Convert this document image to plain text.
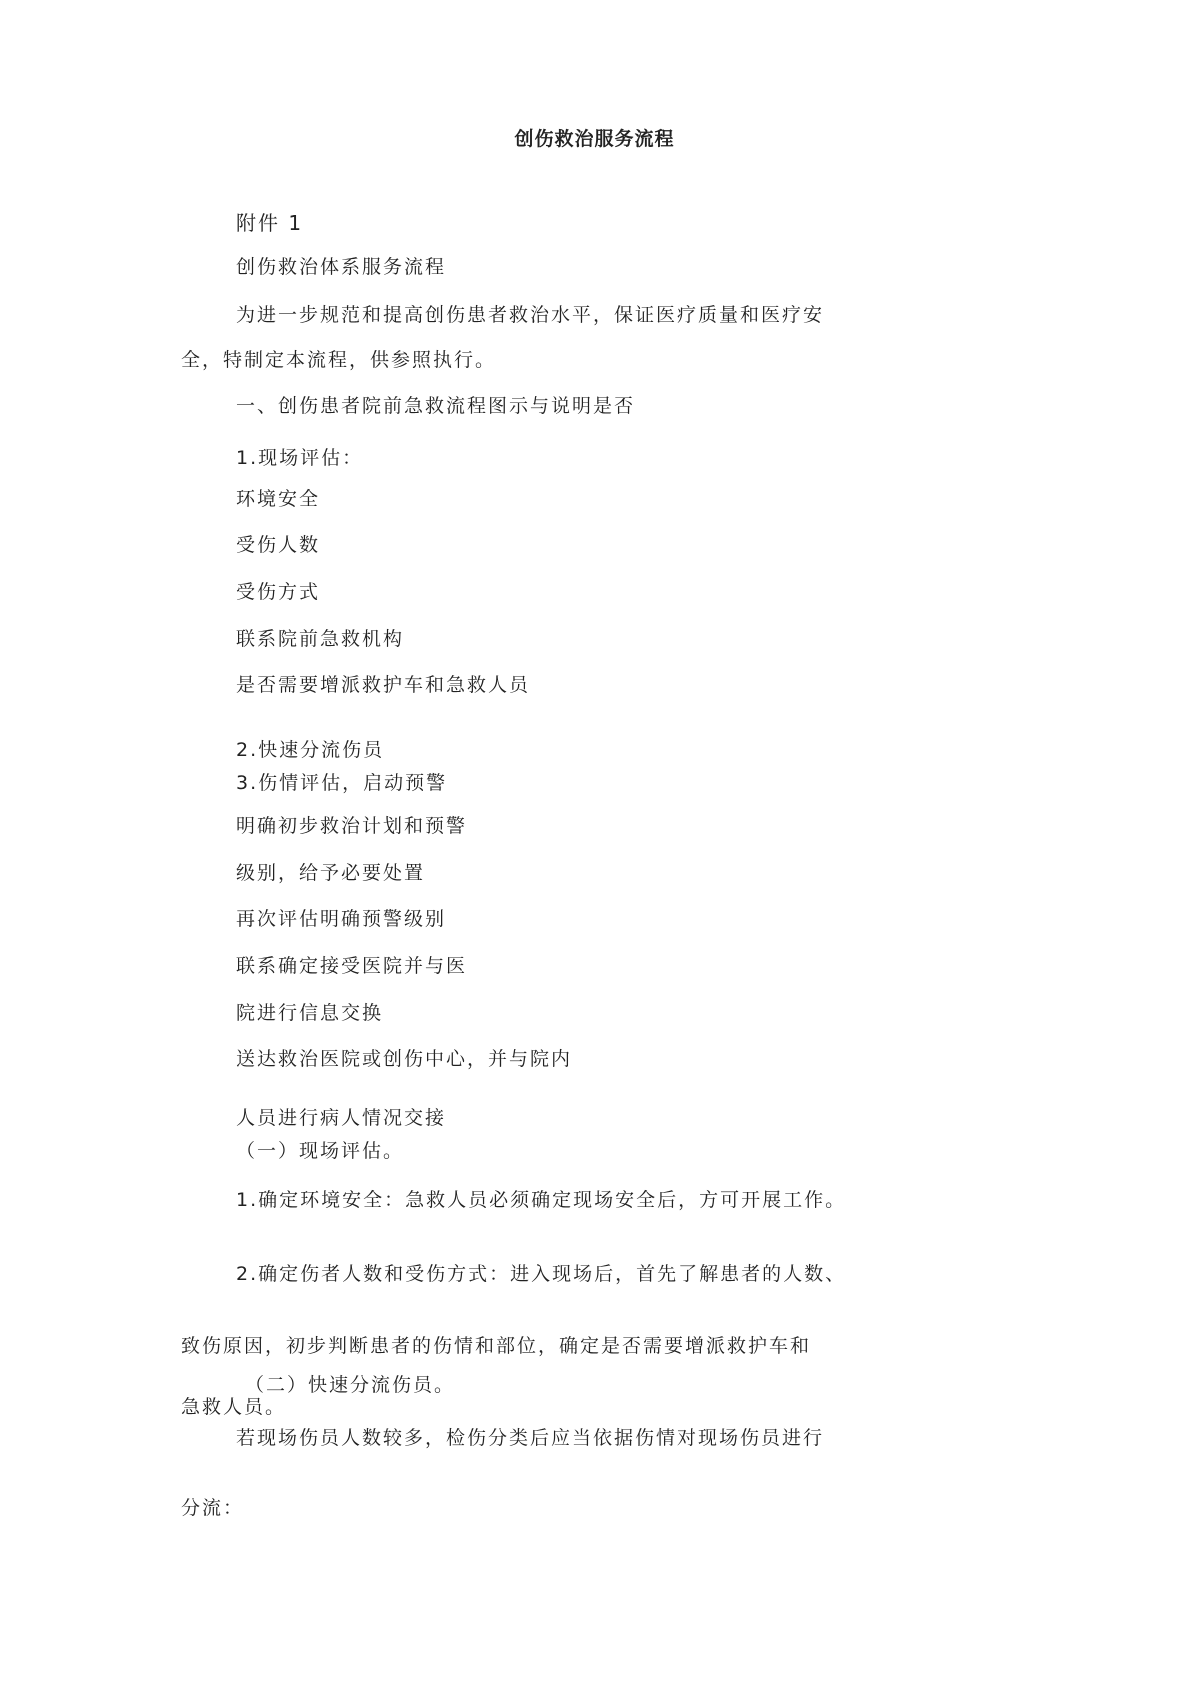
创伤救治服务流程

附件 1

创伤救治体系服务流程

为进一步规范和提高创伤患者救治水平，保证医疗质量和医疗安

全，特制定本流程，供参照执行。

一、创伤患者院前急救流程图示与说明是否

1.现场评估：

环境安全

受伤人数

受伤方式

联系院前急救机构

是否需要增派救护车和急救人员

2.快速分流伤员

3.伤情评估，启动预警

明确初步救治计划和预警

级别，给予必要处置

再次评估明确预警级别

联系确定接受医院并与医

院进行信息交换

送达救治医院或创伤中心，并与院内

人员进行病人情况交接

（一）现场评估。

1.确定环境安全：急救人员必须确定现场安全后，方可开展工作。

2.确定伤者人数和受伤方式：进入现场后，首先了解患者的人数、

致伤原因，初步判断患者的伤情和部位，确定是否需要增派救护车和

（二）快速分流伤员。

急救人员。

若现场伤员人数较多，检伤分类后应当依据伤情对现场伤员进行

分流：
